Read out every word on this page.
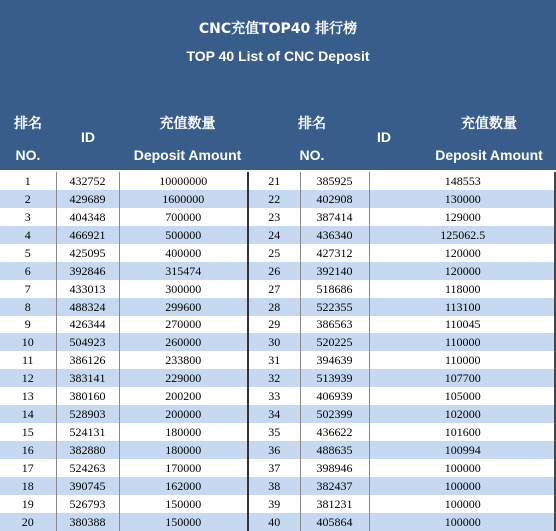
CNC充值TOP40 排行榜
TOP 40 List of CNC Deposit
排名
NO.
ID
充值数量
Deposit Amount
排名
NO.
ID
充值数量
Deposit Amount
1	432752	10000000	21	385925	148553
2	429689	1600000	22	402908	130000
3	404348	700000	23	387414	129000
4	466921	500000	24	436340	125062.5
5	425095	400000	25	427312	120000
6	392846	315474	26	392140	120000
7	433013	300000	27	518686	118000
8	488324	299600	28	522355	113100
9	426344	270000	29	386563	110045
10	504923	260000	30	520225	110000
11	386126	233800	31	394639	110000
12	383141	229000	32	513939	107700
13	380160	200200	33	406939	105000
14	528903	200000	34	502399	102000
15	524131	180000	35	436622	101600
16	382880	180000	36	488635	100994
17	524263	170000	37	398946	100000
18	390745	162000	38	382437	100000
19	526793	150000	39	381231	100000
20	380388	150000	40	405864	100000
